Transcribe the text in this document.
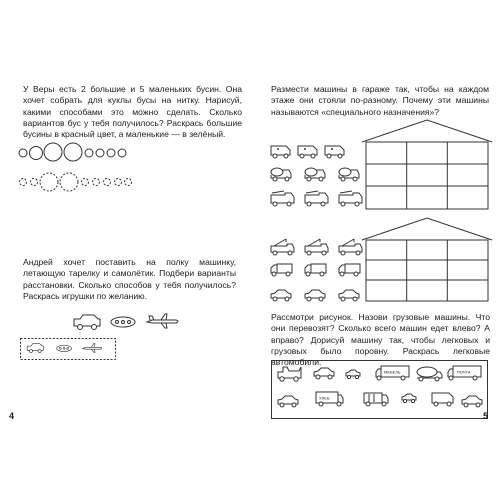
У Веры есть 2 большие и 5 маленьких бусин. Она хочет собрать для куклы бусы на нитку. Нарисуй, какими способами это можно сделать. Сколько вариантов бус у тебя получилось? Раскрась большие бусины в красный цвет, а маленькие — в зелёный.

Андрей хочет поставить на полку машинку, летающую тарелку и самолётик. Подбери варианты расстановки. Сколько способов у тебя получилось? Раскрась игрушки по желанию.

4

Размести машины в гараже так, чтобы на каждом этаже они стояли по-разному. Почему эти машины называются «специального назначения»?

Рассмотри рисунок. Назови грузовые машины. Что они перевозят? Сколько всего машин едет влево? А вправо? Дорисуй машину так, чтобы легковых и грузовых было поровну. Раскрась легковые автомобили.

МЕБЕЛЬ	ПОЧТА
ХЛЕБ
5
